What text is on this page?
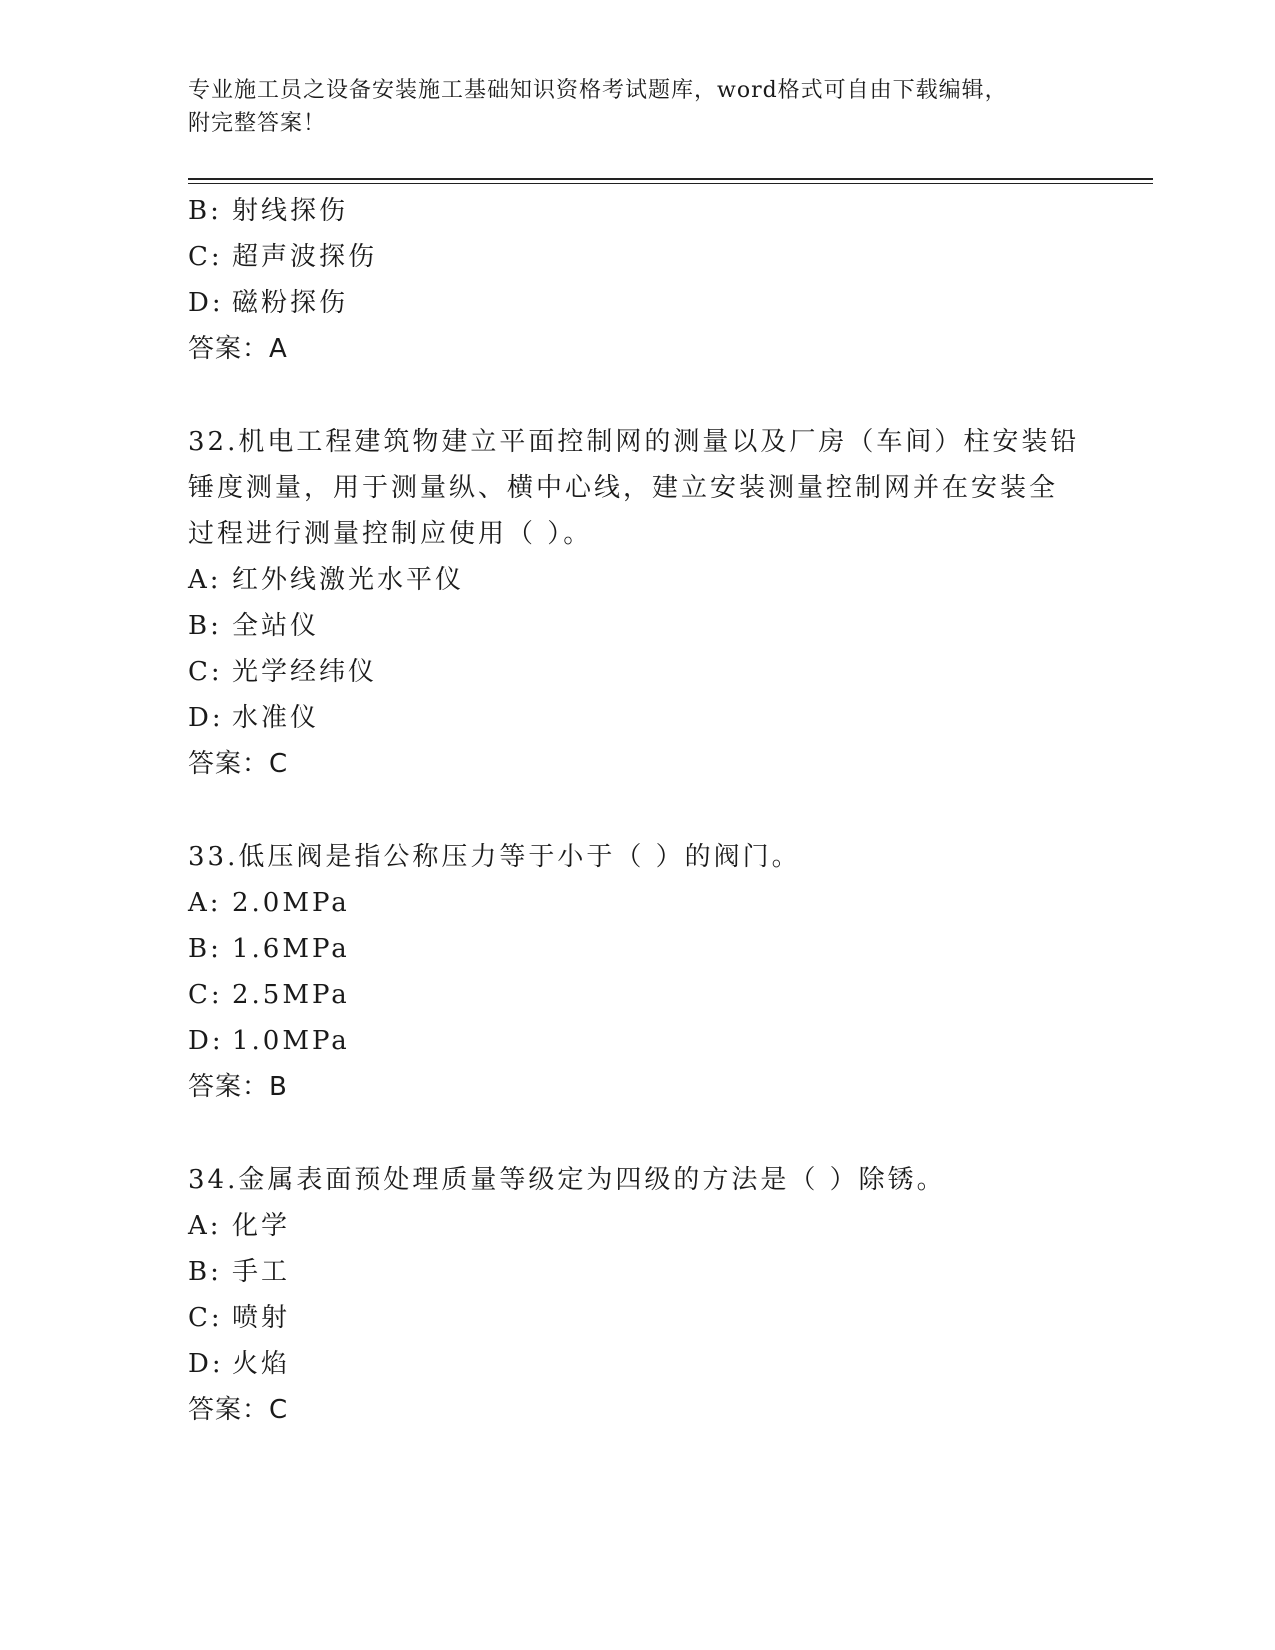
专业施工员之设备安装施工基础知识资格考试题库，word格式可自由下载编辑，
附完整答案！
B: 射线探伤
C: 超声波探伤
D: 磁粉探伤
答案：A
32.机电工程建筑物建立平面控制网的测量以及厂房（车间）柱安装铅
锤度测量，用于测量纵、横中心线，建立安装测量控制网并在安装全
过程进行测量控制应使用（ ）。
A: 红外线激光水平仪
B: 全站仪
C: 光学经纬仪
D: 水准仪
答案：C
33.低压阀是指公称压力等于小于（ ）的阀门。
A: 2.0MPa
B: 1.6MPa
C: 2.5MPa
D: 1.0MPa
答案：B
34.金属表面预处理质量等级定为四级的方法是（ ）除锈。
A: 化学
B: 手工
C: 喷射
D: 火焰
答案：C
